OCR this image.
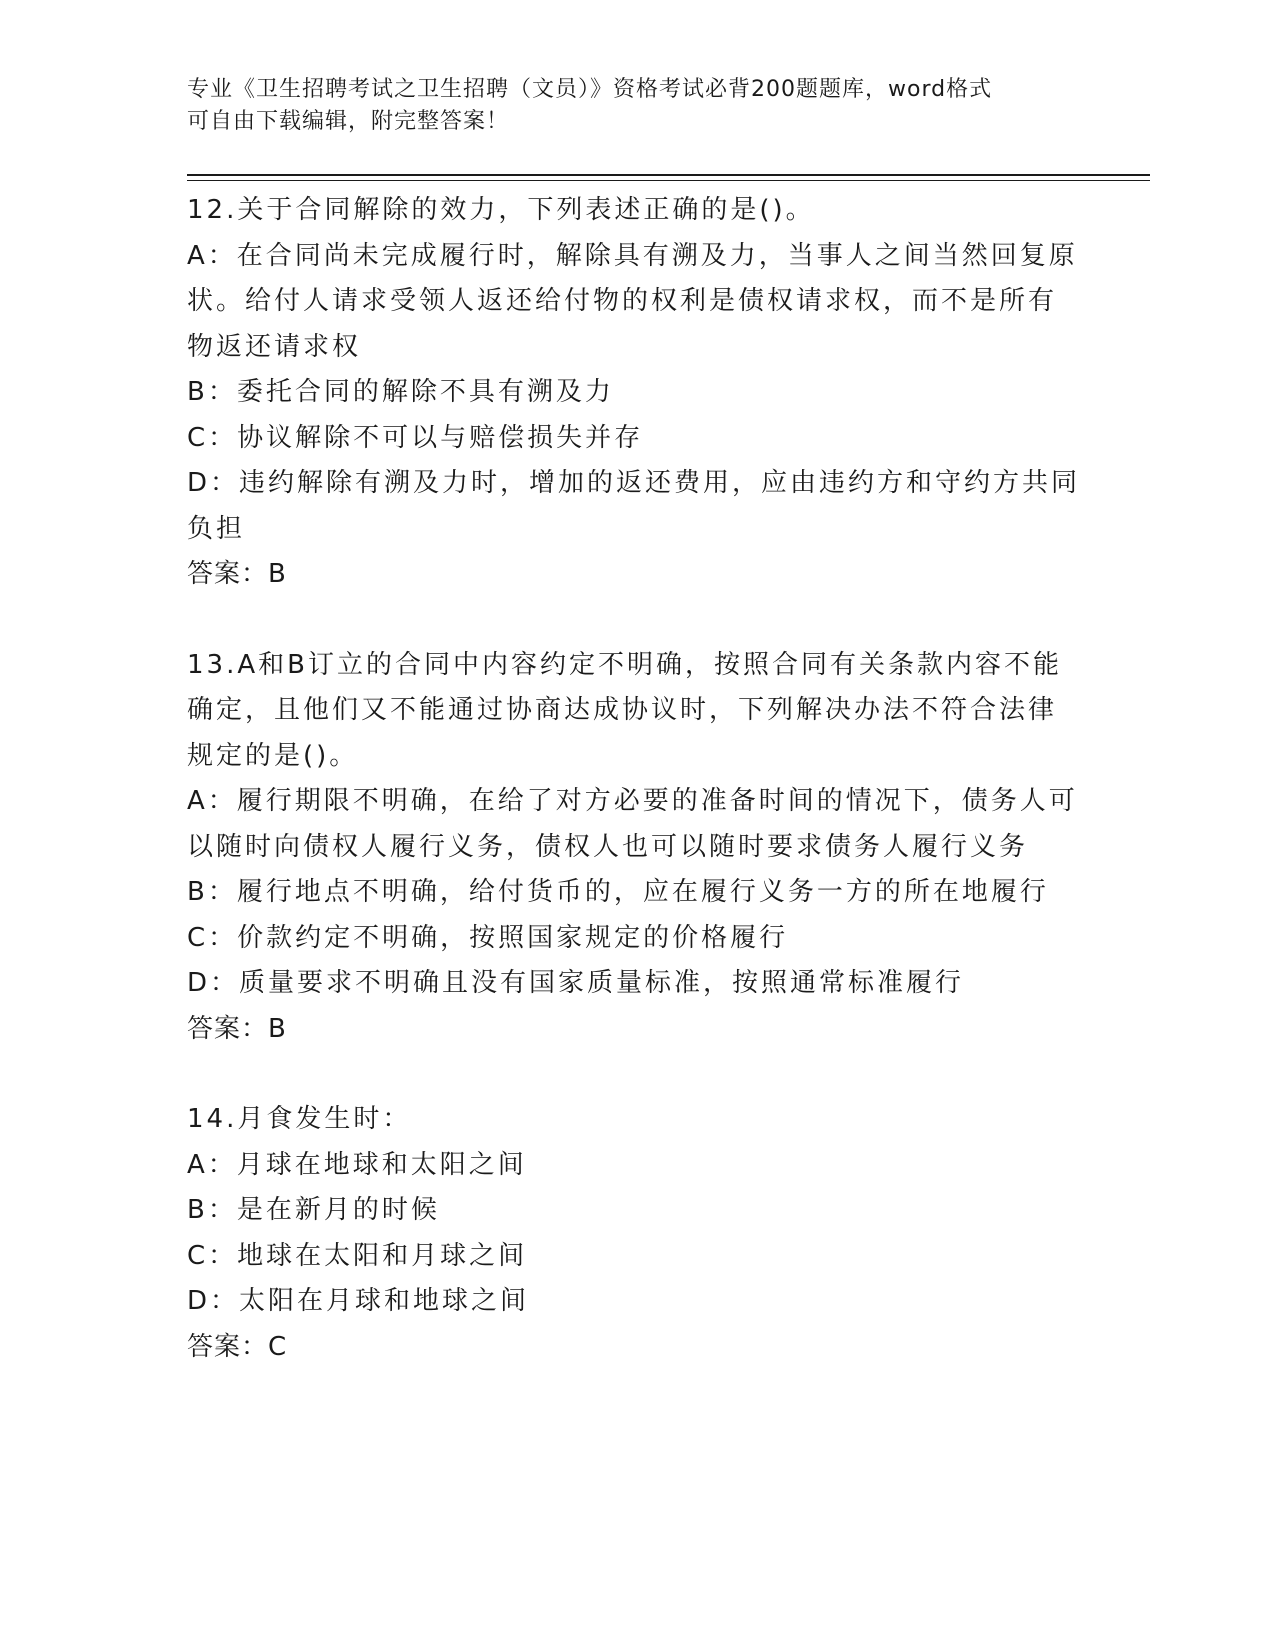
专业《卫生招聘考试之卫生招聘（文员）》资格考试必背200题题库，word格式
可自由下载编辑，附完整答案！
12.关于合同解除的效力，下列表述正确的是()。
A：在合同尚未完成履行时，解除具有溯及力，当事人之间当然回复原
状。给付人请求受领人返还给付物的权利是债权请求权，而不是所有
物返还请求权
B：委托合同的解除不具有溯及力
C：协议解除不可以与赔偿损失并存
D：违约解除有溯及力时，增加的返还费用，应由违约方和守约方共同
负担
答案：B
13.A和B订立的合同中内容约定不明确，按照合同有关条款内容不能
确定，且他们又不能通过协商达成协议时，下列解决办法不符合法律
规定的是()。
A：履行期限不明确，在给了对方必要的准备时间的情况下，债务人可
以随时向债权人履行义务，债权人也可以随时要求债务人履行义务
B：履行地点不明确，给付货币的，应在履行义务一方的所在地履行
C：价款约定不明确，按照国家规定的价格履行
D：质量要求不明确且没有国家质量标准，按照通常标准履行
答案：B
14.月食发生时：
A：月球在地球和太阳之间
B：是在新月的时候
C：地球在太阳和月球之间
D：太阳在月球和地球之间
答案：C
